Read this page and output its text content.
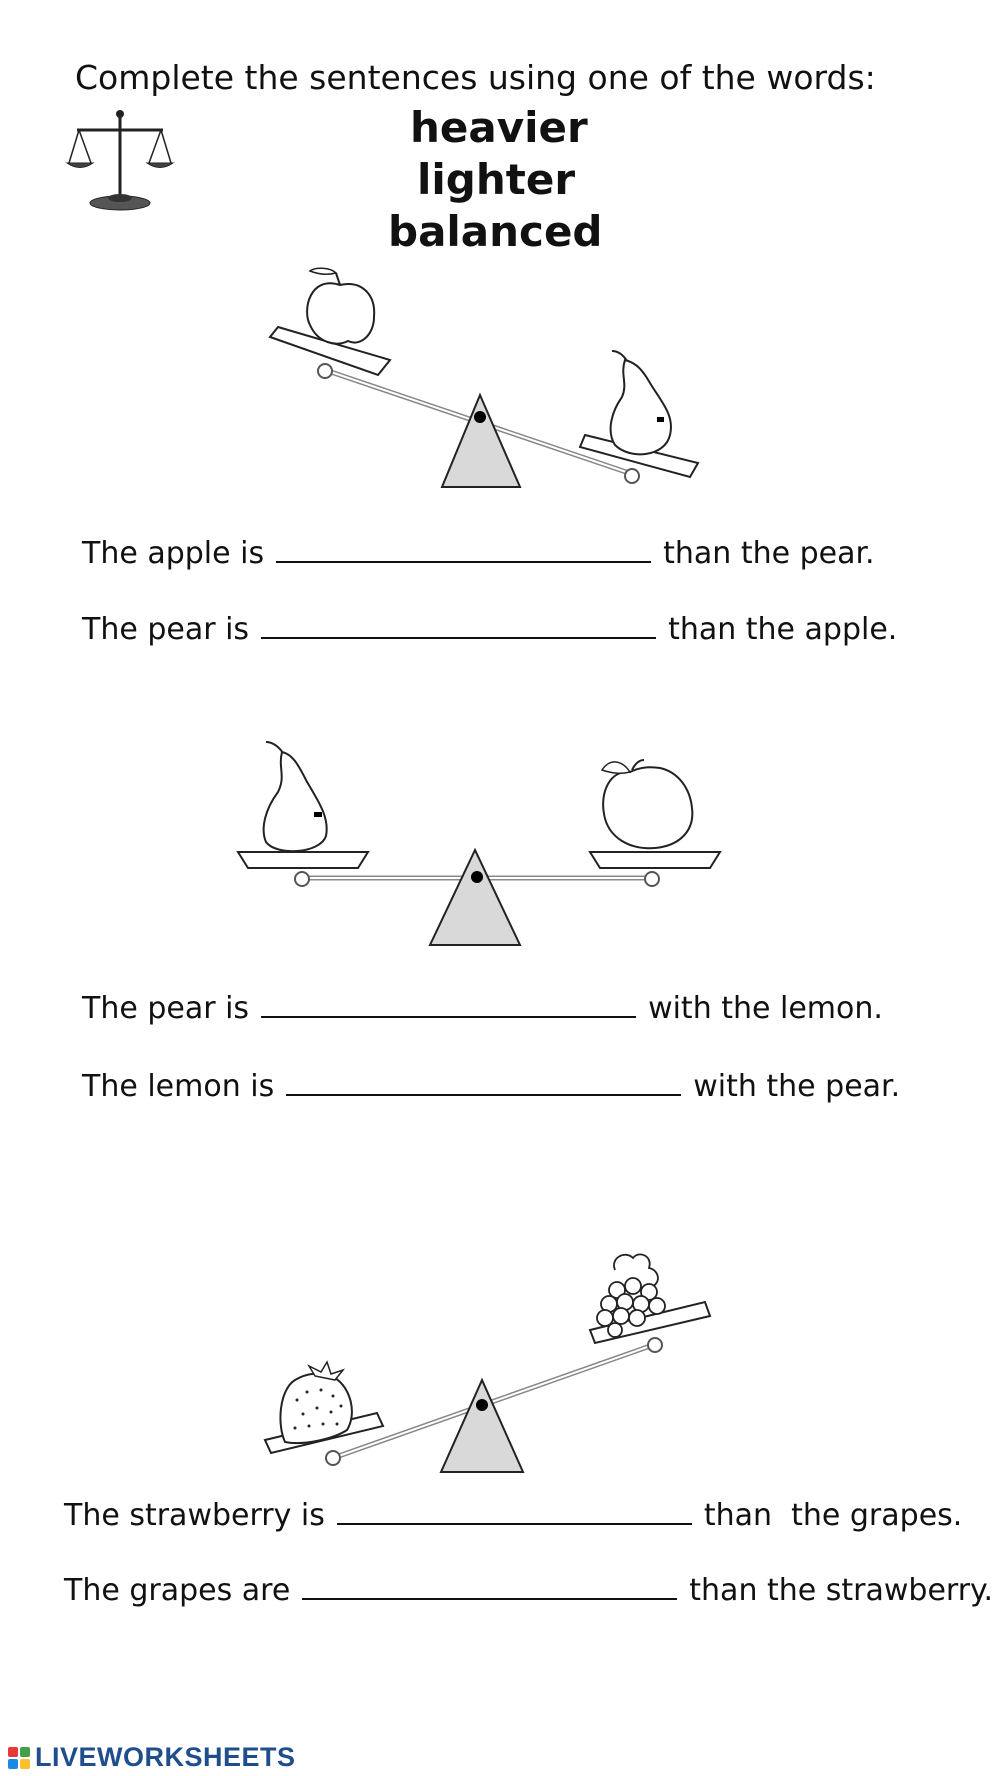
Complete the sentences using one of the words:
heavier
lighter
balanced
The apple is	than the pear.
The pear is	than the apple.
The pear is	with the lemon.
The lemon is	with the pear.
The strawberry is	than  the grapes.
The grapes are	than the strawberry.
LIVEWORKSHEETS
